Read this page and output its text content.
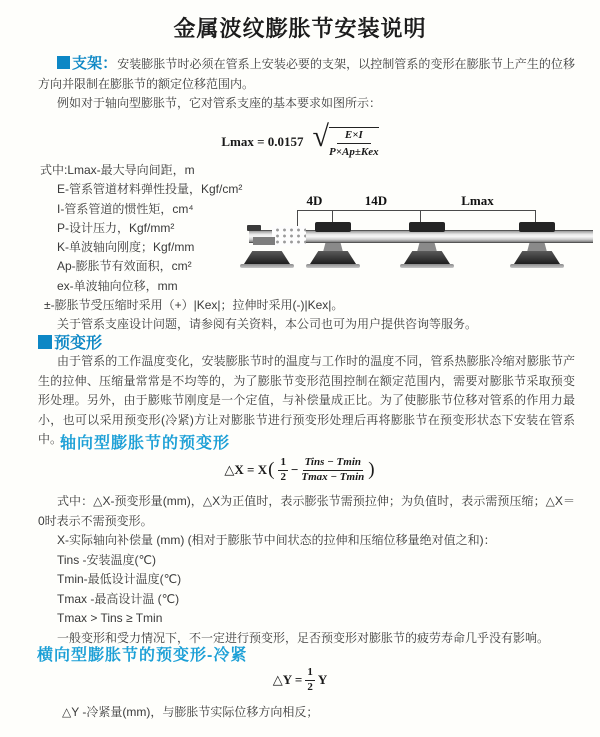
金属波纹膨胀节安装说明

支架：安装膨胀节时必须在管系上安装必要的支架，以控制管系的变形在膨胀节上产生的位移方向并限制在膨胀节的额定位移范围内。

例如对于轴向型膨胀节，它对管系支座的基本要求如图所示：

Lmax = 0.0157 √	E×I
P×Ap±Kex
式中:Lmax-最大导向间距，m
E-管系管道材料弹性投量，Kgf/cm²
I-管系管道的惯性矩，cm⁴
P-设计压力，Kgf/mm²
K-单波轴向刚度；Kgf/mm
Ap-膨胀节有效面积，cm²
ex-单波轴向位移，mm
±-膨胀节受压缩时采用（+）|Kex|；拉伸时采用(-)|Kex|。
关于管系支座设计问题，请参阅有关资料，本公司也可为用户提供咨询等服务。
4D	14D	Lmax
预变形
由于管系的工作温度变化，安装膨胀节时的温度与工作时的温度不同，管系热膨胀冷缩对膨胀节产生的拉伸、压缩量常常是不均等的，为了膨胀节变形范围控制在额定范围内，需要对膨胀节采取预变形处理。另外，由于膨账节刚度是一个定值，与补偿量成正比。为了使膨胀节位移对管系的作用力最小，也可以采用预变形(冷紧)方让对膨胀节进行预变形处理后再将膨胀节在预变形状态下安装在管系中。
轴向型膨胀节的预变形
△X = X ( $\frac{1}{2} - \frac{\text{Tins − Tmin}}{Tmax - Tmin}$ )
式中：△X-预变形量(mm)，△X为正值时，表示膨张节需预拉伸；为负值时，表示需预压缩；△X＝0时表示不需预变形。
X-实际轴向补偿量 (mm) (相对于膨胀节中间状态的拉伸和压缩位移量绝对值之和)：
Tins -安装温度(℃)
Tmin-最低设计温度(℃)
Tmax -最高设计温 (℃)
Tmax > Tins ≥ Tmin
一般变形和受力情况下，不一定进行预变形，足否预变形对膨胀节的疲劳寿命几乎没有影响。
横向型膨胀节的预变形-冷紧
△Y = $\frac{1}{2}$ Y
△Y -冷紧量(mm)，与膨胀节实际位移方向相反；
